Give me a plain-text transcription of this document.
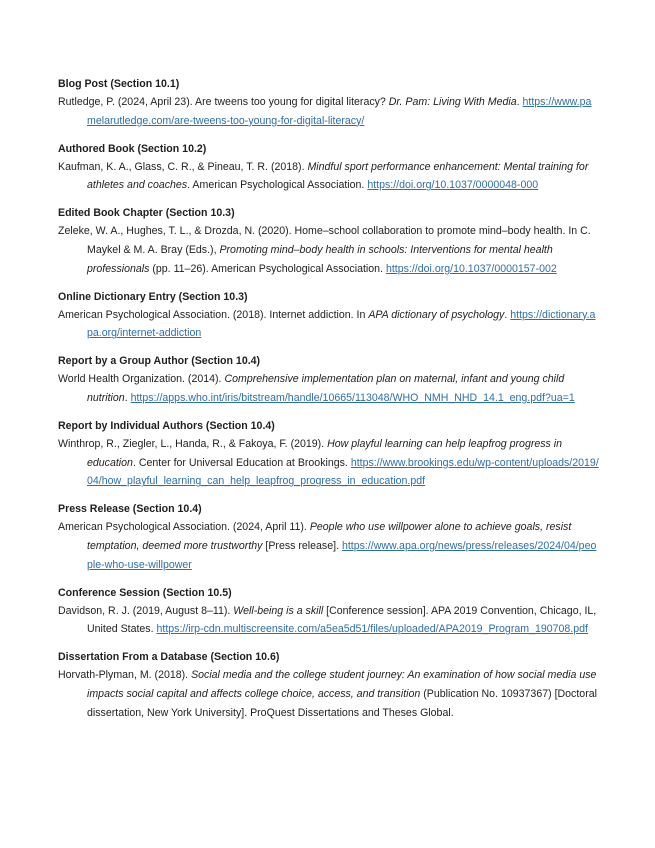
Blog Post (Section 10.1)
Rutledge, P. (2024, April 23). Are tweens too young for digital literacy? Dr. Pam: Living With Media. https://www.pamelarutledge.com/are-tweens-too-young-for-digital-literacy/
Authored Book (Section 10.2)
Kaufman, K. A., Glass, C. R., & Pineau, T. R. (2018). Mindful sport performance enhancement: Mental training for athletes and coaches. American Psychological Association. https://doi.org/10.1037/0000048-000
Edited Book Chapter (Section 10.3)
Zeleke, W. A., Hughes, T. L., & Drozda, N. (2020). Home–school collaboration to promote mind–body health. In C. Maykel & M. A. Bray (Eds.), Promoting mind–body health in schools: Interventions for mental health professionals (pp. 11–26). American Psychological Association. https://doi.org/10.1037/0000157-002
Online Dictionary Entry (Section 10.3)
American Psychological Association. (2018). Internet addiction. In APA dictionary of psychology. https://dictionary.apa.org/internet-addiction
Report by a Group Author (Section 10.4)
World Health Organization. (2014). Comprehensive implementation plan on maternal, infant and young child nutrition. https://apps.who.int/iris/bitstream/handle/10665/113048/WHO_NMH_NHD_14.1_eng.pdf?ua=1
Report by Individual Authors (Section 10.4)
Winthrop, R., Ziegler, L., Handa, R., & Fakoya, F. (2019). How playful learning can help leapfrog progress in education. Center for Universal Education at Brookings. https://www.brookings.edu/wp-content/uploads/2019/04/how_playful_learning_can_help_leapfrog_progress_in_education.pdf
Press Release (Section 10.4)
American Psychological Association. (2024, April 11). People who use willpower alone to achieve goals, resist temptation, deemed more trustworthy [Press release]. https://www.apa.org/news/press/releases/2024/04/people-who-use-willpower
Conference Session (Section 10.5)
Davidson, R. J. (2019, August 8–11). Well-being is a skill [Conference session]. APA 2019 Convention, Chicago, IL, United States. https://irp-cdn.multiscreensite.com/a5ea5d51/files/uploaded/APA2019_Program_190708.pdf
Dissertation From a Database (Section 10.6)
Horvath-Plyman, M. (2018). Social media and the college student journey: An examination of how social media use impacts social capital and affects college choice, access, and transition (Publication No. 10937367) [Doctoral dissertation, New York University]. ProQuest Dissertations and Theses Global.
